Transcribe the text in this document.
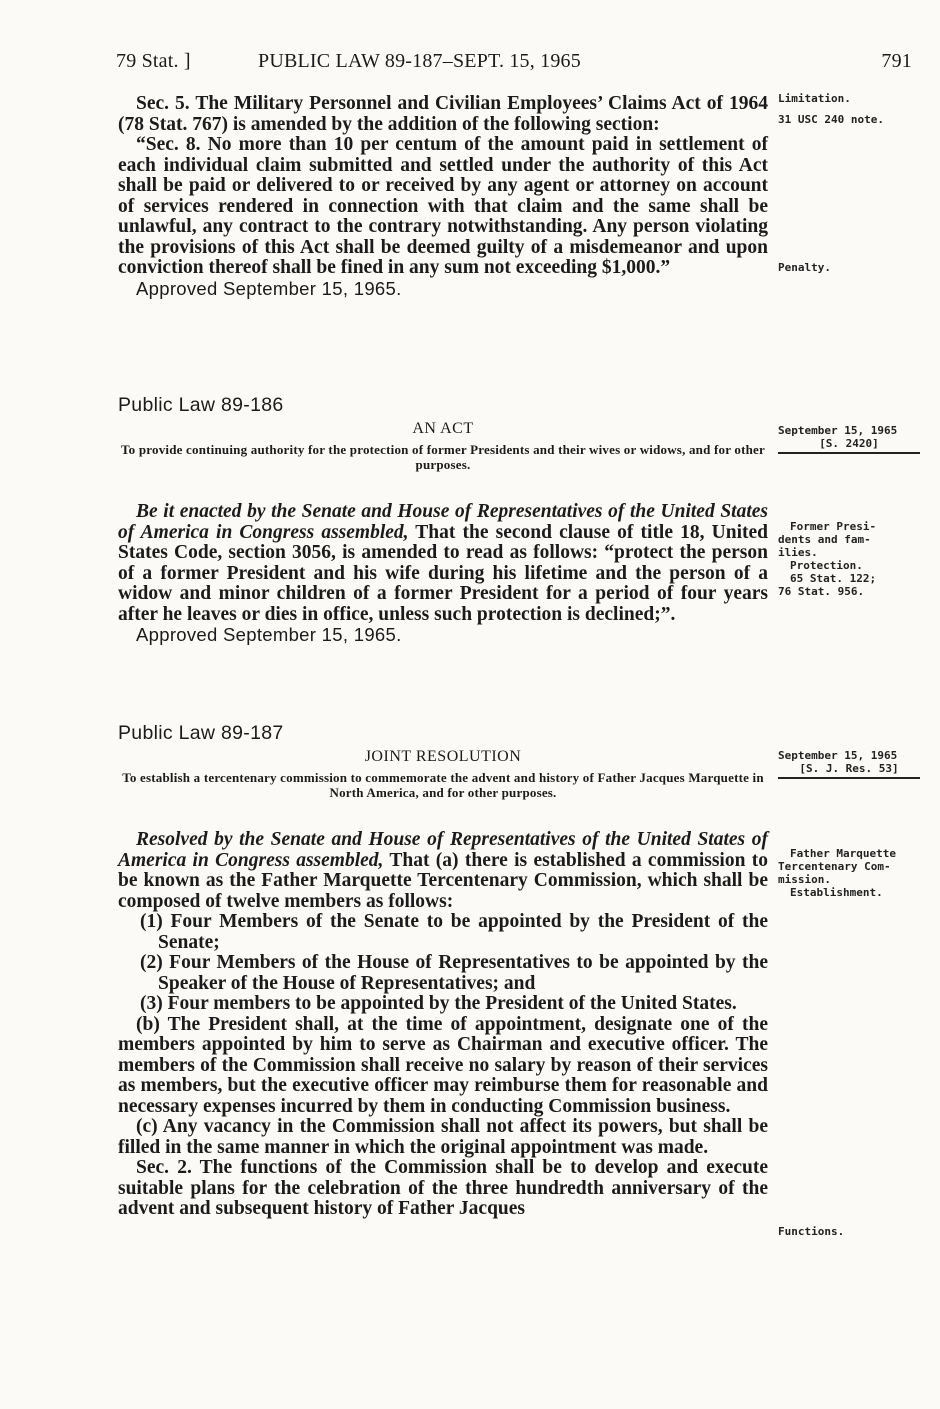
79 Stat. ]	PUBLIC LAW 89-187–SEPT. 15, 1965	791

Sec. 5. The Military Personnel and Civilian Employees’ Claims Act of 1964 (78 Stat. 767) is amended by the addition of the following section:

“Sec. 8. No more than 10 per centum of the amount paid in settlement of each individual claim submitted and settled under the authority of this Act shall be paid or delivered to or received by any agent or attorney on account of services rendered in connection with that claim and the same shall be unlawful, any contract to the contrary notwithstanding. Any person violating the provisions of this Act shall be deemed guilty of a misdemeanor and upon conviction thereof shall be fined in any sum not exceeding $1,000.”

Approved September 15, 1965.

Public Law 89-186
AN ACT
To provide continuing authority for the protection of former Presidents and their wives or widows, and for other purposes.

Be it enacted by the Senate and House of Representatives of the United States of America in Congress assembled, That the second clause of title 18, United States Code, section 3056, is amended to read as follows: “protect the person of a former President and his wife during his lifetime and the person of a widow and minor children of a former President for a period of four years after he leaves or dies in office, unless such protection is declined;”.

Approved September 15, 1965.

Public Law 89-187
JOINT RESOLUTION
To establish a tercentenary commission to commemorate the advent and history of Father Jacques Marquette in North America, and for other purposes.

Resolved by the Senate and House of Representatives of the United States of America in Congress assembled, That (a) there is established a commission to be known as the Father Marquette Tercentenary Commission, which shall be composed of twelve members as follows:

(1) Four Members of the Senate to be appointed by the President of the Senate;

(2) Four Members of the House of Representatives to be appointed by the Speaker of the House of Representatives; and

(3) Four members to be appointed by the President of the United States.

(b) The President shall, at the time of appointment, designate one of the members appointed by him to serve as Chairman and executive officer. The members of the Commission shall receive no salary by reason of their services as members, but the executive officer may reimburse them for reasonable and necessary expenses incurred by them in conducting Commission business.

(c) Any vacancy in the Commission shall not affect its powers, but shall be filled in the same manner in which the original appointment was made.

Sec. 2. The functions of the Commission shall be to develop and execute suitable plans for the celebration of the three hundredth anniversary of the advent and subsequent history of Father Jacques

Limitation.
31 USC 240 note.
Penalty.
September 15, 1965
[S. 2420]
Former Presi-
dents and fam-
ilies.
Protection.
65 Stat. 122;
76 Stat. 956.
September 15, 1965
[S. J. Res. 53]
Father Marquette
Tercentenary Com-
mission.
Establishment.
Functions.
